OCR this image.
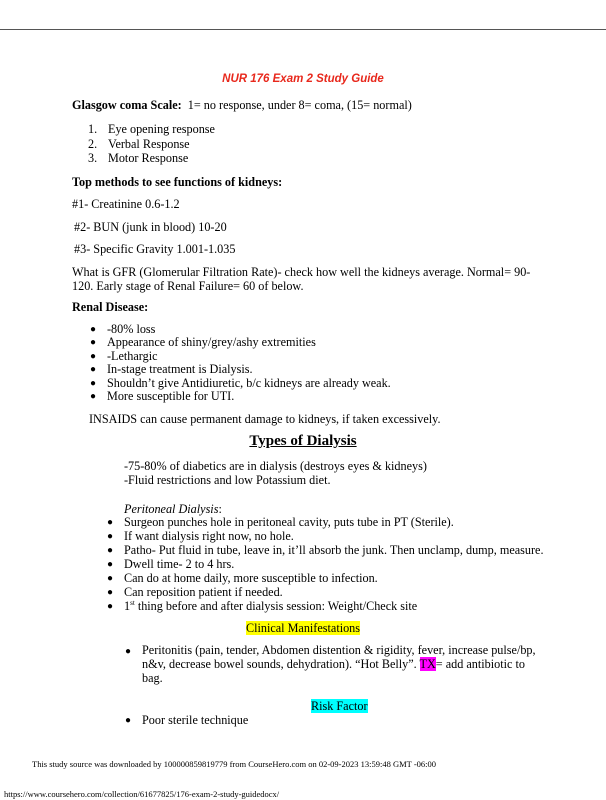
NUR 176 Exam 2 Study Guide
Glasgow coma Scale: 1= no response, under 8= coma, (15= normal)
1. Eye opening response
2. Verbal Response
3. Motor Response
Top methods to see functions of kidneys:
#1- Creatinine 0.6-1.2
#2- BUN (junk in blood) 10-20
#3- Specific Gravity 1.001-1.035
What is GFR (Glomerular Filtration Rate)- check how well the kidneys average. Normal= 90-
120. Early stage of Renal Failure= 60 of below.
Renal Disease:
● -80% loss
● Appearance of shiny/grey/ashy extremities
● -Lethargic
● In-stage treatment is Dialysis.
● Shouldn’t give Antidiuretic, b/c kidneys are already weak.
● More susceptible for UTI.
INSAIDS can cause permanent damage to kidneys, if taken excessively.
Types of Dialysis
-75-80% of diabetics are in dialysis (destroys eyes & kidneys)
-Fluid restrictions and low Potassium diet.
Peritoneal Dialysis:
● Surgeon punches hole in peritoneal cavity, puts tube in PT (Sterile).
● If want dialysis right now, no hole.
● Patho- Put fluid in tube, leave in, it’ll absorb the junk. Then unclamp, dump, measure.
● Dwell time- 2 to 4 hrs.
● Can do at home daily, more susceptible to infection.
● Can reposition patient if needed.
● 1st thing before and after dialysis session: Weight/Check site
Clinical Manifestations
● Peritonitis (pain, tender, Abdomen distention & rigidity, fever, increase pulse/bp,
n&v, decrease bowel sounds, dehydration). “Hot Belly”. TX= add antibiotic to
bag.
Risk Factor
● Poor sterile technique
This study source was downloaded by 100000859819779 from CourseHero.com on 02-09-2023 13:59:48 GMT -06:00
https://www.coursehero.com/collection/61677825/176-exam-2-study-guidedocx/
